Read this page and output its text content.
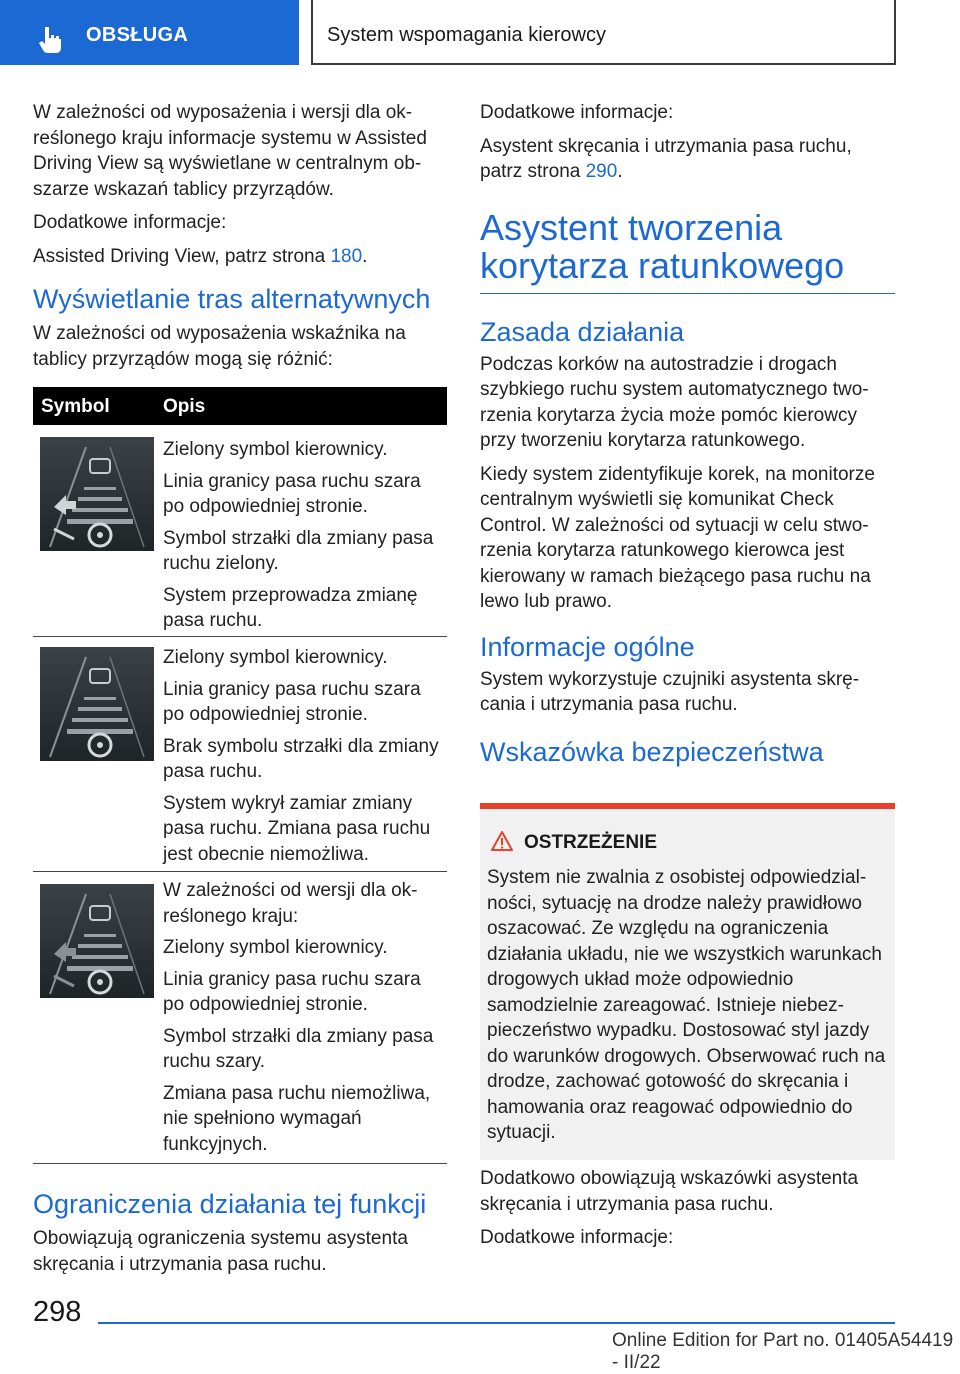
OBSŁUGA	System wspomagania kierowcy

W zależności od wyposażenia i wersji dla określonego kraju informacje systemu w Assisted Driving View są wyświetlane w centralnym obszarze wskazań tablicy przyrządów.

Dodatkowe informacje:

Assisted Driving View, patrz strona 180.

Wyświetlanie tras alternatywnych

W zależności od wyposażenia wskaźnika na tablicy przyrządów mogą się różnić:

Symbol	Opis

Zielony symbol kierownicy.

Linia granicy pasa ruchu szara po odpowiedniej stronie.

Symbol strzałki dla zmiany pasa ruchu zielony.

System przeprowadza zmianę pasa ruchu.

Zielony symbol kierownicy.

Linia granicy pasa ruchu szara po odpowiedniej stronie.

Brak symbolu strzałki dla zmiany pasa ruchu.

System wykrył zamiar zmiany pasa ruchu. Zmiana pasa ruchu jest obecnie niemożliwa.

W zależności od wersji dla określonego kraju:

Zielony symbol kierownicy.

Linia granicy pasa ruchu szara po odpowiedniej stronie.

Symbol strzałki dla zmiany pasa ruchu szary.

Zmiana pasa ruchu niemożliwa, nie spełniono wymagań funkcyjnych.

Ograniczenia działania tej funkcji

Obowiązują ograniczenia systemu asystenta skręcania i utrzymania pasa ruchu.

Dodatkowe informacje:

Asystent skręcania i utrzymania pasa ruchu, patrz strona 290.

Asystent tworzenia korytarza ratunkowego
Zasada działania

Podczas korków na autostradzie i drogach szybkiego ruchu system automatycznego tworzenia korytarza życia może pomóc kierowcy przy tworzeniu korytarza ratunkowego.

Kiedy system zidentyfikuje korek, na monitorze centralnym wyświetli się komunikat Check Control. W zależności od sytuacji w celu stworzenia korytarza ratunkowego kierowca jest kierowany w ramach bieżącego pasa ruchu na lewo lub prawo.

Informacje ogólne

System wykorzystuje czujniki asystenta skręcania i utrzymania pasa ruchu.

Wskazówka bezpieczeństwa
OSTRZEŻENIE

System nie zwalnia z osobistej odpowiedzialności, sytuację na drodze należy prawidłowo oszacować. Ze względu na ograniczenia działania układu, nie we wszystkich warunkach drogowych układ może odpowiednio samodzielnie zareagować. Istnieje niebezpieczeństwo wypadku. Dostosować styl jazdy do warunków drogowych. Obserwować ruch na drodze, zachować gotowość do skręcania i hamowania oraz reagować odpowiednio do sytuacji.

Dodatkowo obowiązują wskazówki asystenta skręcania i utrzymania pasa ruchu.

Dodatkowe informacje:

298
Online Edition for Part no. 01405A54419 - II/22
